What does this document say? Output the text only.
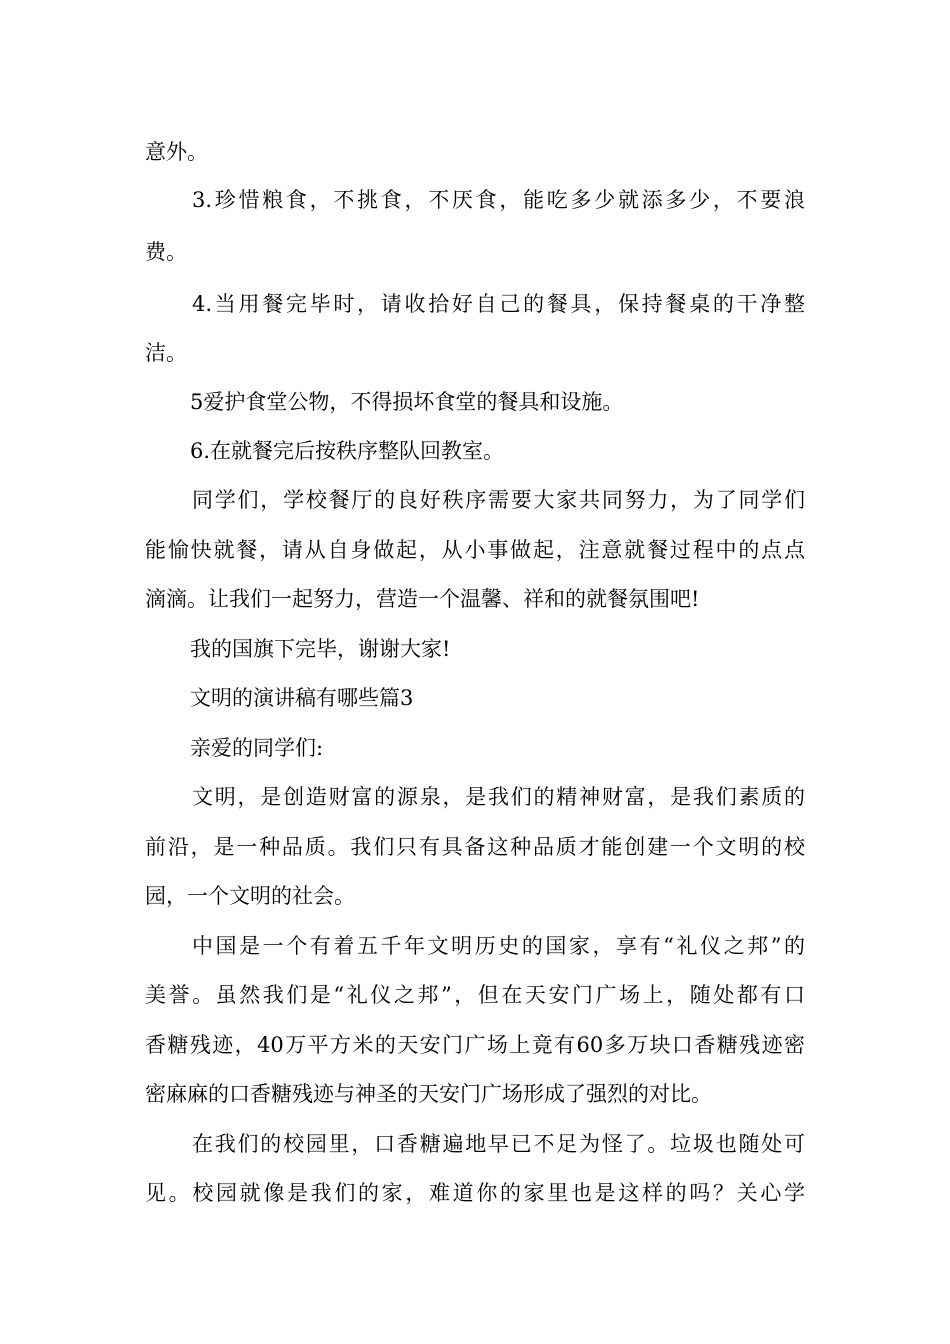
意外。

3.珍惜粮食，不挑食，不厌食，能吃多少就添多少，不要浪

费。

4.当用餐完毕时，请收拾好自己的餐具，保持餐桌的干净整

洁。

5爱护食堂公物，不得损坏食堂的餐具和设施。

6.在就餐完后按秩序整队回教室。

同学们，学校餐厅的良好秩序需要大家共同努力，为了同学们

能愉快就餐，请从自身做起，从小事做起，注意就餐过程中的点点

滴滴。让我们一起努力，营造一个温馨、祥和的就餐氛围吧!

我的国旗下完毕，谢谢大家!

文明的演讲稿有哪些篇3

亲爱的同学们:

文明，是创造财富的源泉，是我们的精神财富，是我们素质的

前沿，是一种品质。我们只有具备这种品质才能创建一个文明的校

园，一个文明的社会。

中国是一个有着五千年文明历史的国家，享有“礼仪之邦”的

美誉。虽然我们是“礼仪之邦”，但在天安门广场上，随处都有口

香糖残迹，40万平方米的天安门广场上竟有60多万块口香糖残迹密

密麻麻的口香糖残迹与神圣的天安门广场形成了强烈的对比。

在我们的校园里，口香糖遍地早已不足为怪了。垃圾也随处可

见。校园就像是我们的家，难道你的家里也是这样的吗？关心学
